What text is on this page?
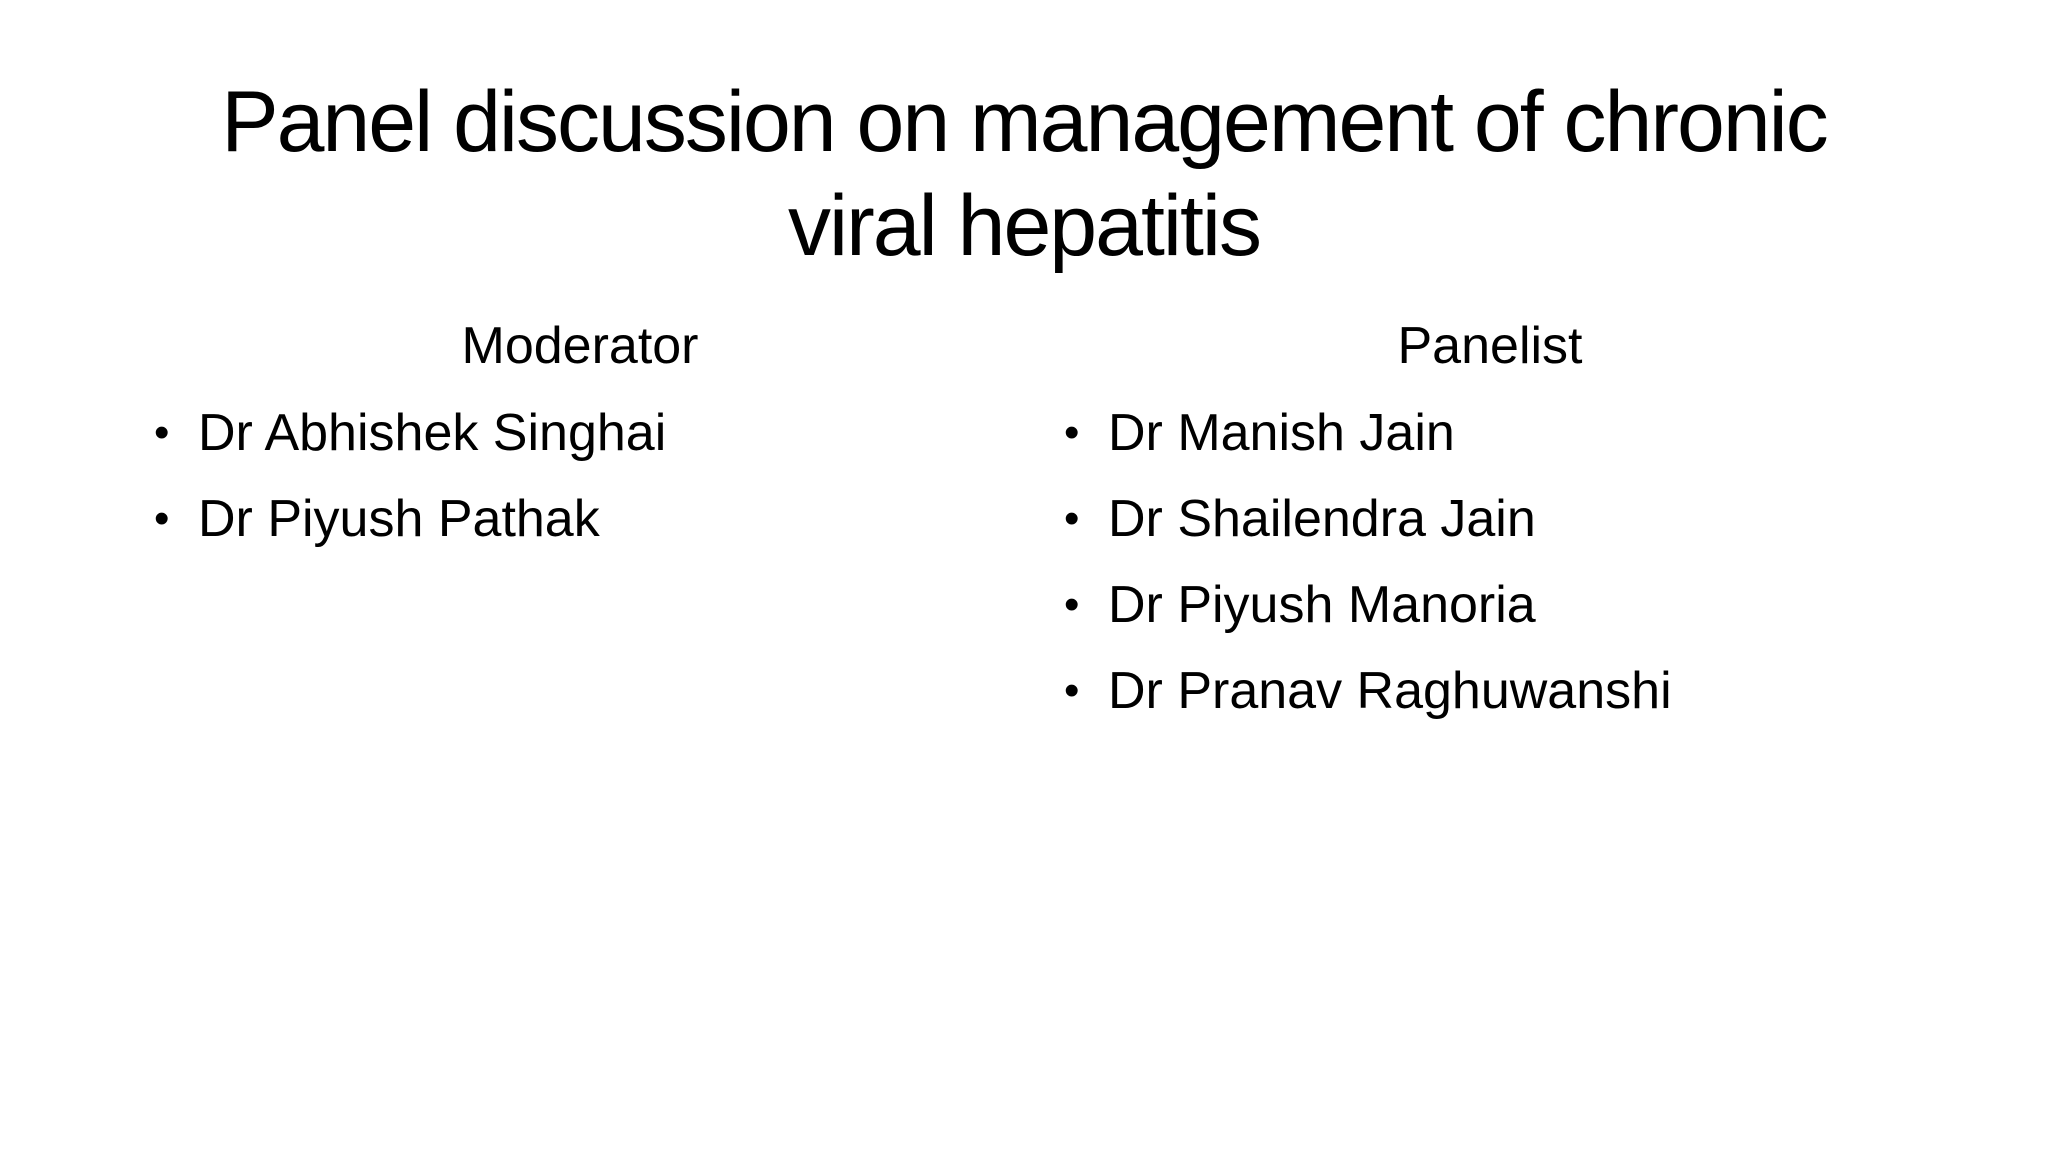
Panel discussion on management of chronic viral hepatitis
Moderator
• Dr Abhishek Singhai
• Dr Piyush Pathak
Panelist
• Dr Manish Jain
• Dr Shailendra Jain
• Dr Piyush Manoria
• Dr Pranav Raghuwanshi
